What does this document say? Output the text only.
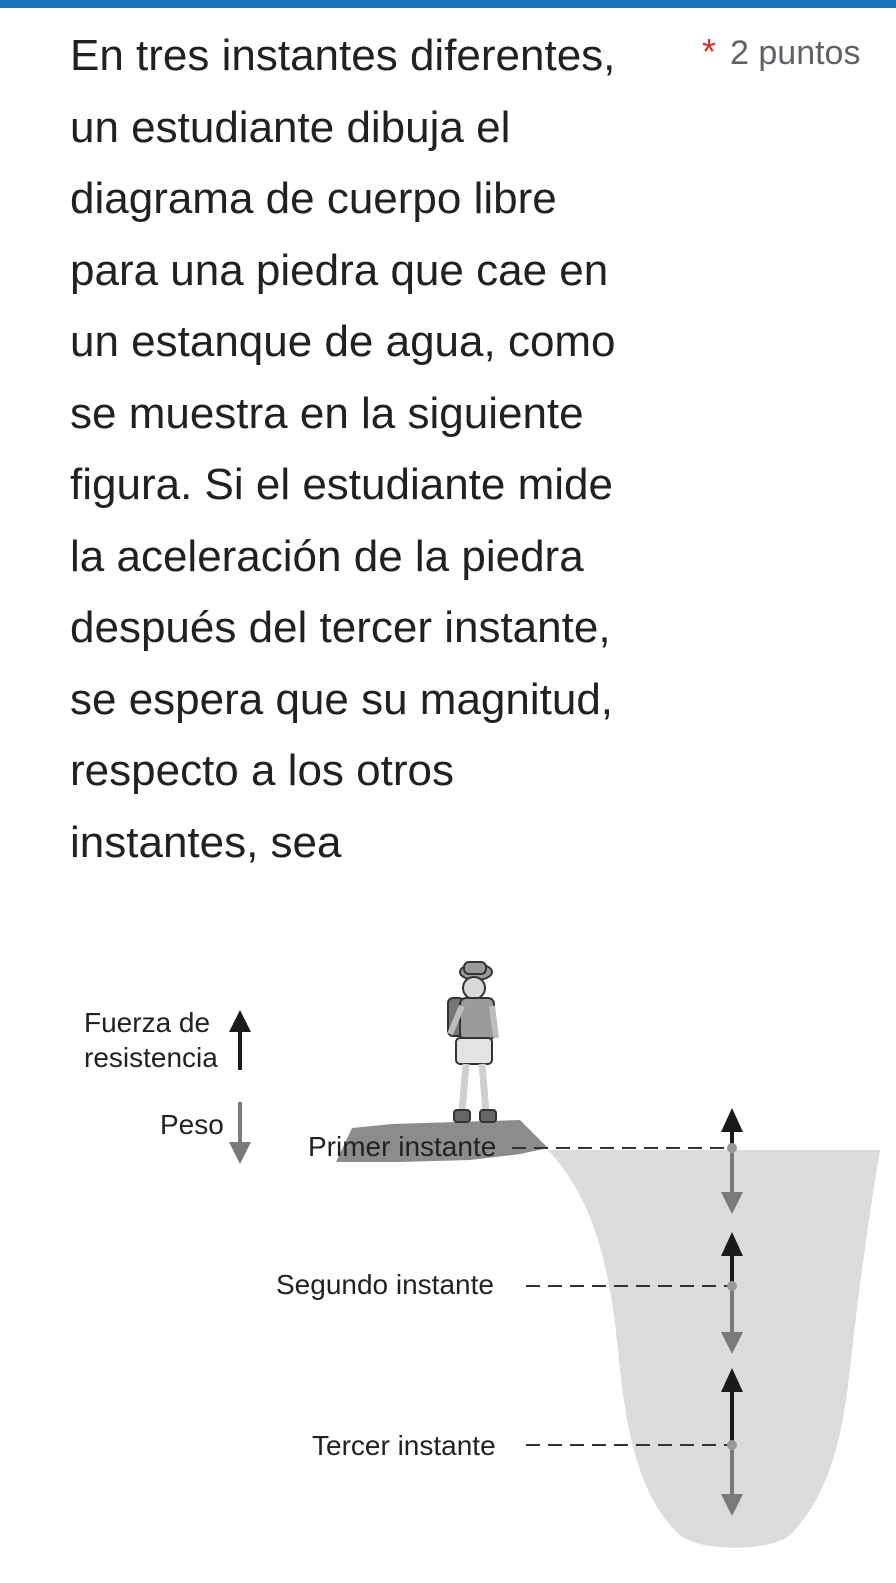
En tres instantes diferentes,
un estudiante dibuja el
diagrama de cuerpo libre
para una piedra que cae en
un estanque de agua, como
se muestra en la siguiente
figura. Si el estudiante mide
la aceleración de la piedra
después del tercer instante,
se espera que su magnitud,
respecto a los otros
instantes, sea
* 2 puntos
Fuerza de
resistencia
Peso
Primer instante
Segundo instante
Tercer instante
